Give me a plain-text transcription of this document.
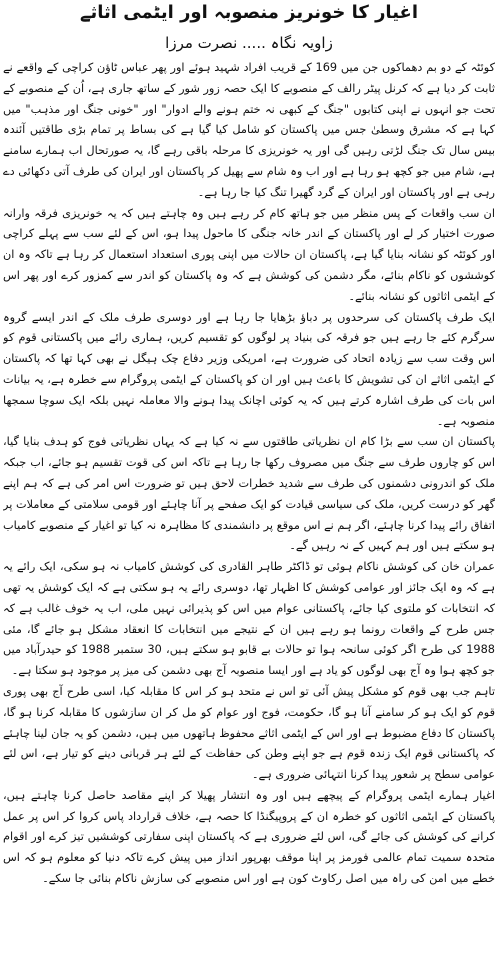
اغیار کا خونریز منصوبہ اور ایٹمی اثاثے
زاویہ نگاہ ..... نصرت مرزا

کوئٹہ کے دو بم دھماکوں جن میں 169 کے قریب افراد شہید ہوئے اور پھر عباس ٹاؤن کراچی کے واقعے نے ثابت کر دیا ہے کہ کرنل پیٹر رالف کے منصوبے کا ایک حصہ زور شور کے ساتھ جاری ہے، اُن کے منصوبے کے تحت جو انہوں نے اپنی کتابوں "جنگ کے کبھی نہ ختم ہونے والے ادوار" اور "خونی جنگ اور مذہب" میں کہا ہے کہ مشرق وسطیٰ جس میں پاکستان کو شامل کیا گیا ہے کی بساط پر تمام بڑی طاقتیں آئندہ بیس سال تک جنگ لڑتی رہیں گی اور یہ خونریزی کا مرحلہ باقی رہے گا، یہ صورتحال اب ہمارے سامنے ہے، شام میں جو کچھ ہو رہا ہے اور اب وہ شام سے پھیل کر پاکستان اور ایران کی طرف آتی دکھائی دے رہی ہے اور پاکستان اور ایران کے گرد گھیرا تنگ کیا جا رہا ہے۔

ان سب واقعات کے پس منظر میں جو ہاتھ کام کر رہے ہیں وہ چاہتے ہیں کہ یہ خونریزی فرقہ وارانہ صورت اختیار کر لے اور پاکستان کے اندر خانہ جنگی کا ماحول پیدا ہو، اس کے لئے سب سے پہلے کراچی اور کوئٹہ کو نشانہ بنایا گیا ہے، پاکستان ان حالات میں اپنی پوری استعداد استعمال کر رہا ہے تاکہ وہ ان کوششوں کو ناکام بنائے، مگر دشمن کی کوشش ہے کہ وہ پاکستان کو اندر سے کمزور کرے اور پھر اس کے ایٹمی اثاثوں کو نشانہ بنائے۔

ایک طرف پاکستان کی سرحدوں پر دباؤ بڑھایا جا رہا ہے اور دوسری طرف ملک کے اندر ایسے گروہ سرگرم کئے جا رہے ہیں جو فرقہ کی بنیاد پر لوگوں کو تقسیم کریں، ہماری رائے میں پاکستانی قوم کو اس وقت سب سے زیادہ اتحاد کی ضرورت ہے، امریکی وزیر دفاع چک ہیگل نے بھی کہا تھا کہ پاکستان کے ایٹمی اثاثے ان کی تشویش کا باعث ہیں اور ان کو پاکستان کے ایٹمی پروگرام سے خطرہ ہے، یہ بیانات اس بات کی طرف اشارہ کرتے ہیں کہ یہ کوئی اچانک پیدا ہونے والا معاملہ نہیں بلکہ ایک سوچا سمجھا منصوبہ ہے۔

پاکستان ان سب سے بڑا کام ان نظریاتی طاقتوں سے نہ کیا ہے کہ یہاں نظریاتی فوج کو ہدف بنایا گیا، اس کو چاروں طرف سے جنگ میں مصروف رکھا جا رہا ہے تاکہ اس کی قوت تقسیم ہو جائے، اب جبکہ ملک کو اندرونی دشمنوں کی طرف سے شدید خطرات لاحق ہیں تو ضرورت اس امر کی ہے کہ ہم اپنے گھر کو درست کریں، ملک کی سیاسی قیادت کو ایک صفحے پر آنا چاہئے اور قومی سلامتی کے معاملات پر اتفاق رائے پیدا کرنا چاہئے، اگر ہم نے اس موقع پر دانشمندی کا مظاہرہ نہ کیا تو اغیار کے منصوبے کامیاب ہو سکتے ہیں اور ہم کہیں کے نہ رہیں گے۔

عمران خان کی کوشش ناکام ہوئی تو ڈاکٹر طاہر القادری کی کوشش کامیاب نہ ہو سکی، ایک رائے یہ ہے کہ وہ ایک جائز اور عوامی کوشش کا اظہار تھا، دوسری رائے یہ ہو سکتی ہے کہ ایک کوشش یہ تھی کہ انتخابات کو ملتوی کیا جائے، پاکستانی عوام میں اس کو پذیرائی نہیں ملی، اب یہ خوف غالب ہے کہ جس طرح کے واقعات رونما ہو رہے ہیں ان کے نتیجے میں انتخابات کا انعقاد مشکل ہو جائے گا، مئی 1988 کی طرح اگر کوئی سانحہ ہوا تو حالات بے قابو ہو سکتے ہیں، 30 ستمبر 1988 کو حیدرآباد میں جو کچھ ہوا وہ آج بھی لوگوں کو یاد ہے اور ایسا منصوبہ آج بھی دشمن کی میز پر موجود ہو سکتا ہے۔

تاہم جب بھی قوم کو مشکل پیش آئی تو اس نے متحد ہو کر اس کا مقابلہ کیا، اسی طرح آج بھی پوری قوم کو ایک ہو کر سامنے آنا ہو گا، حکومت، فوج اور عوام کو مل کر ان سازشوں کا مقابلہ کرنا ہو گا، پاکستان کا دفاع مضبوط ہے اور اس کے ایٹمی اثاثے محفوظ ہاتھوں میں ہیں، دشمن کو یہ جان لینا چاہئے کہ پاکستانی قوم ایک زندہ قوم ہے جو اپنے وطن کی حفاظت کے لئے ہر قربانی دینے کو تیار ہے، اس لئے عوامی سطح پر شعور پیدا کرنا انتہائی ضروری ہے۔

اغیار ہمارے ایٹمی پروگرام کے پیچھے ہیں اور وہ انتشار پھیلا کر اپنے مقاصد حاصل کرنا چاہتے ہیں، پاکستان کے ایٹمی اثاثوں کو خطرہ ان کے پروپیگنڈا کا حصہ ہے، خلاف قرارداد پاس کروا کر اس پر عمل کرانے کی کوشش کی جائے گی، اس لئے ضروری ہے کہ پاکستان اپنی سفارتی کوششیں تیز کرے اور اقوام متحدہ سمیت تمام عالمی فورمز پر اپنا موقف بھرپور انداز میں پیش کرے تاکہ دنیا کو معلوم ہو کہ اس خطے میں امن کی راہ میں اصل رکاوٹ کون ہے اور اس منصوبے کی سازش ناکام بنائی جا سکے۔
